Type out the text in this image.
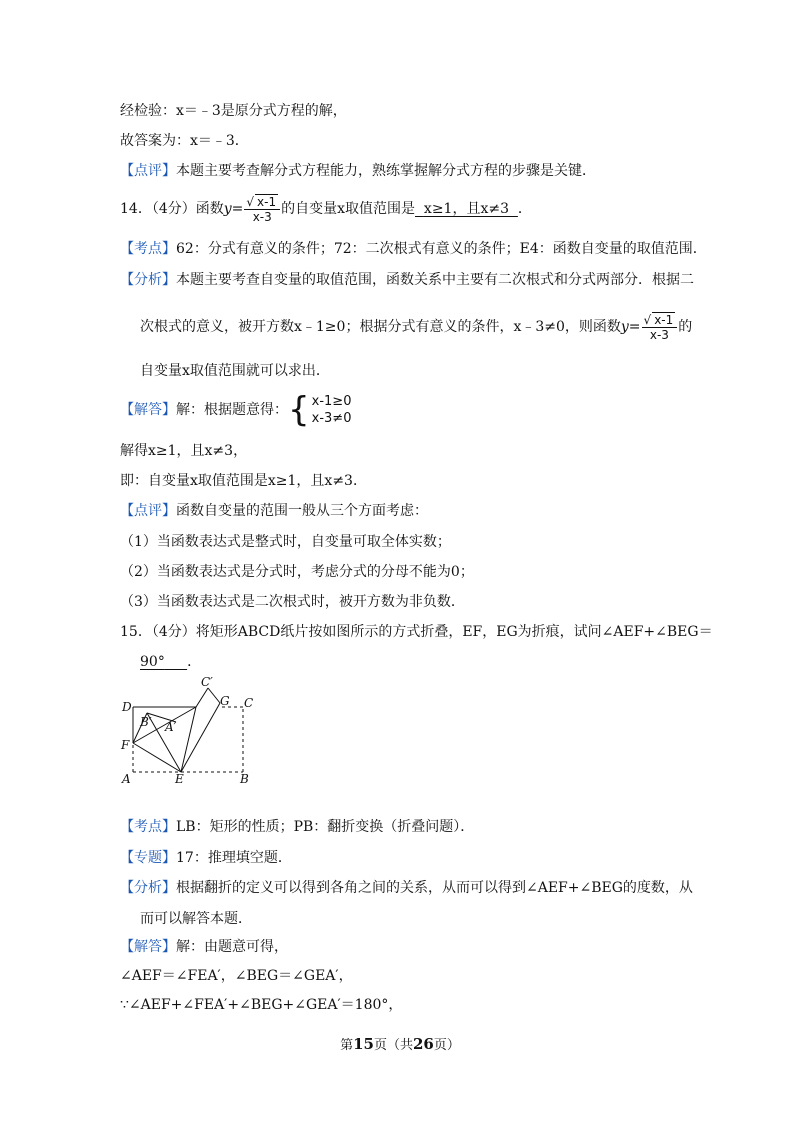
经检验：x＝﹣3是原分式方程的解，
故答案为：x＝﹣3．
【点评】本题主要考查解分式方程能力，熟练掌握解分式方程的步骤是关键．
14．（4分）函数$y= \frac{√ x-1}{x-3}$ 的自变量x取值范围是 x≥1，且x≠3 ．
【考点】62：分式有意义的条件；72：二次根式有意义的条件；E4：函数自变量的取值范围．
【分析】本题主要考查自变量的取值范围，函数关系中主要有二次根式和分式两部分．根据二
次根式的意义，被开方数x﹣1≥0；根据分式有意义的条件，x﹣3≠0，则函数$y= \frac{√ x-1}{x-3}$ 的
自变量x取值范围就可以求出．
【解答】解：根据题意得： { x-1≥0
x-3≠0
解得x≥1，且x≠3，
即：自变量x取值范围是x≥1，且x≠3．
【点评】函数自变量的范围一般从三个方面考虑：
（1）当函数表达式是整式时，自变量可取全体实数；
（2）当函数表达式是分式时，考虑分式的分母不能为0；
（3）当函数表达式是二次根式时，被开方数为非负数．
15．（4分）将矩形ABCD纸片按如图所示的方式折叠，EF，EG为折痕，试问∠AEF+∠BEG＝
90° ．
D
C′
G C
B′ A′
F
A	E	B
【考点】LB：矩形的性质；PB：翻折变换（折叠问题）．
【专题】17：推理填空题．
【分析】根据翻折的定义可以得到各角之间的关系，从而可以得到∠AEF+∠BEG的度数，从
而可以解答本题．
【解答】解：由题意可得，
∠AEF＝∠FEA′，∠BEG＝∠GEA′，
∵∠AEF+∠FEA′+∠BEG+∠GEA′＝180°，
第15页（共26页）
